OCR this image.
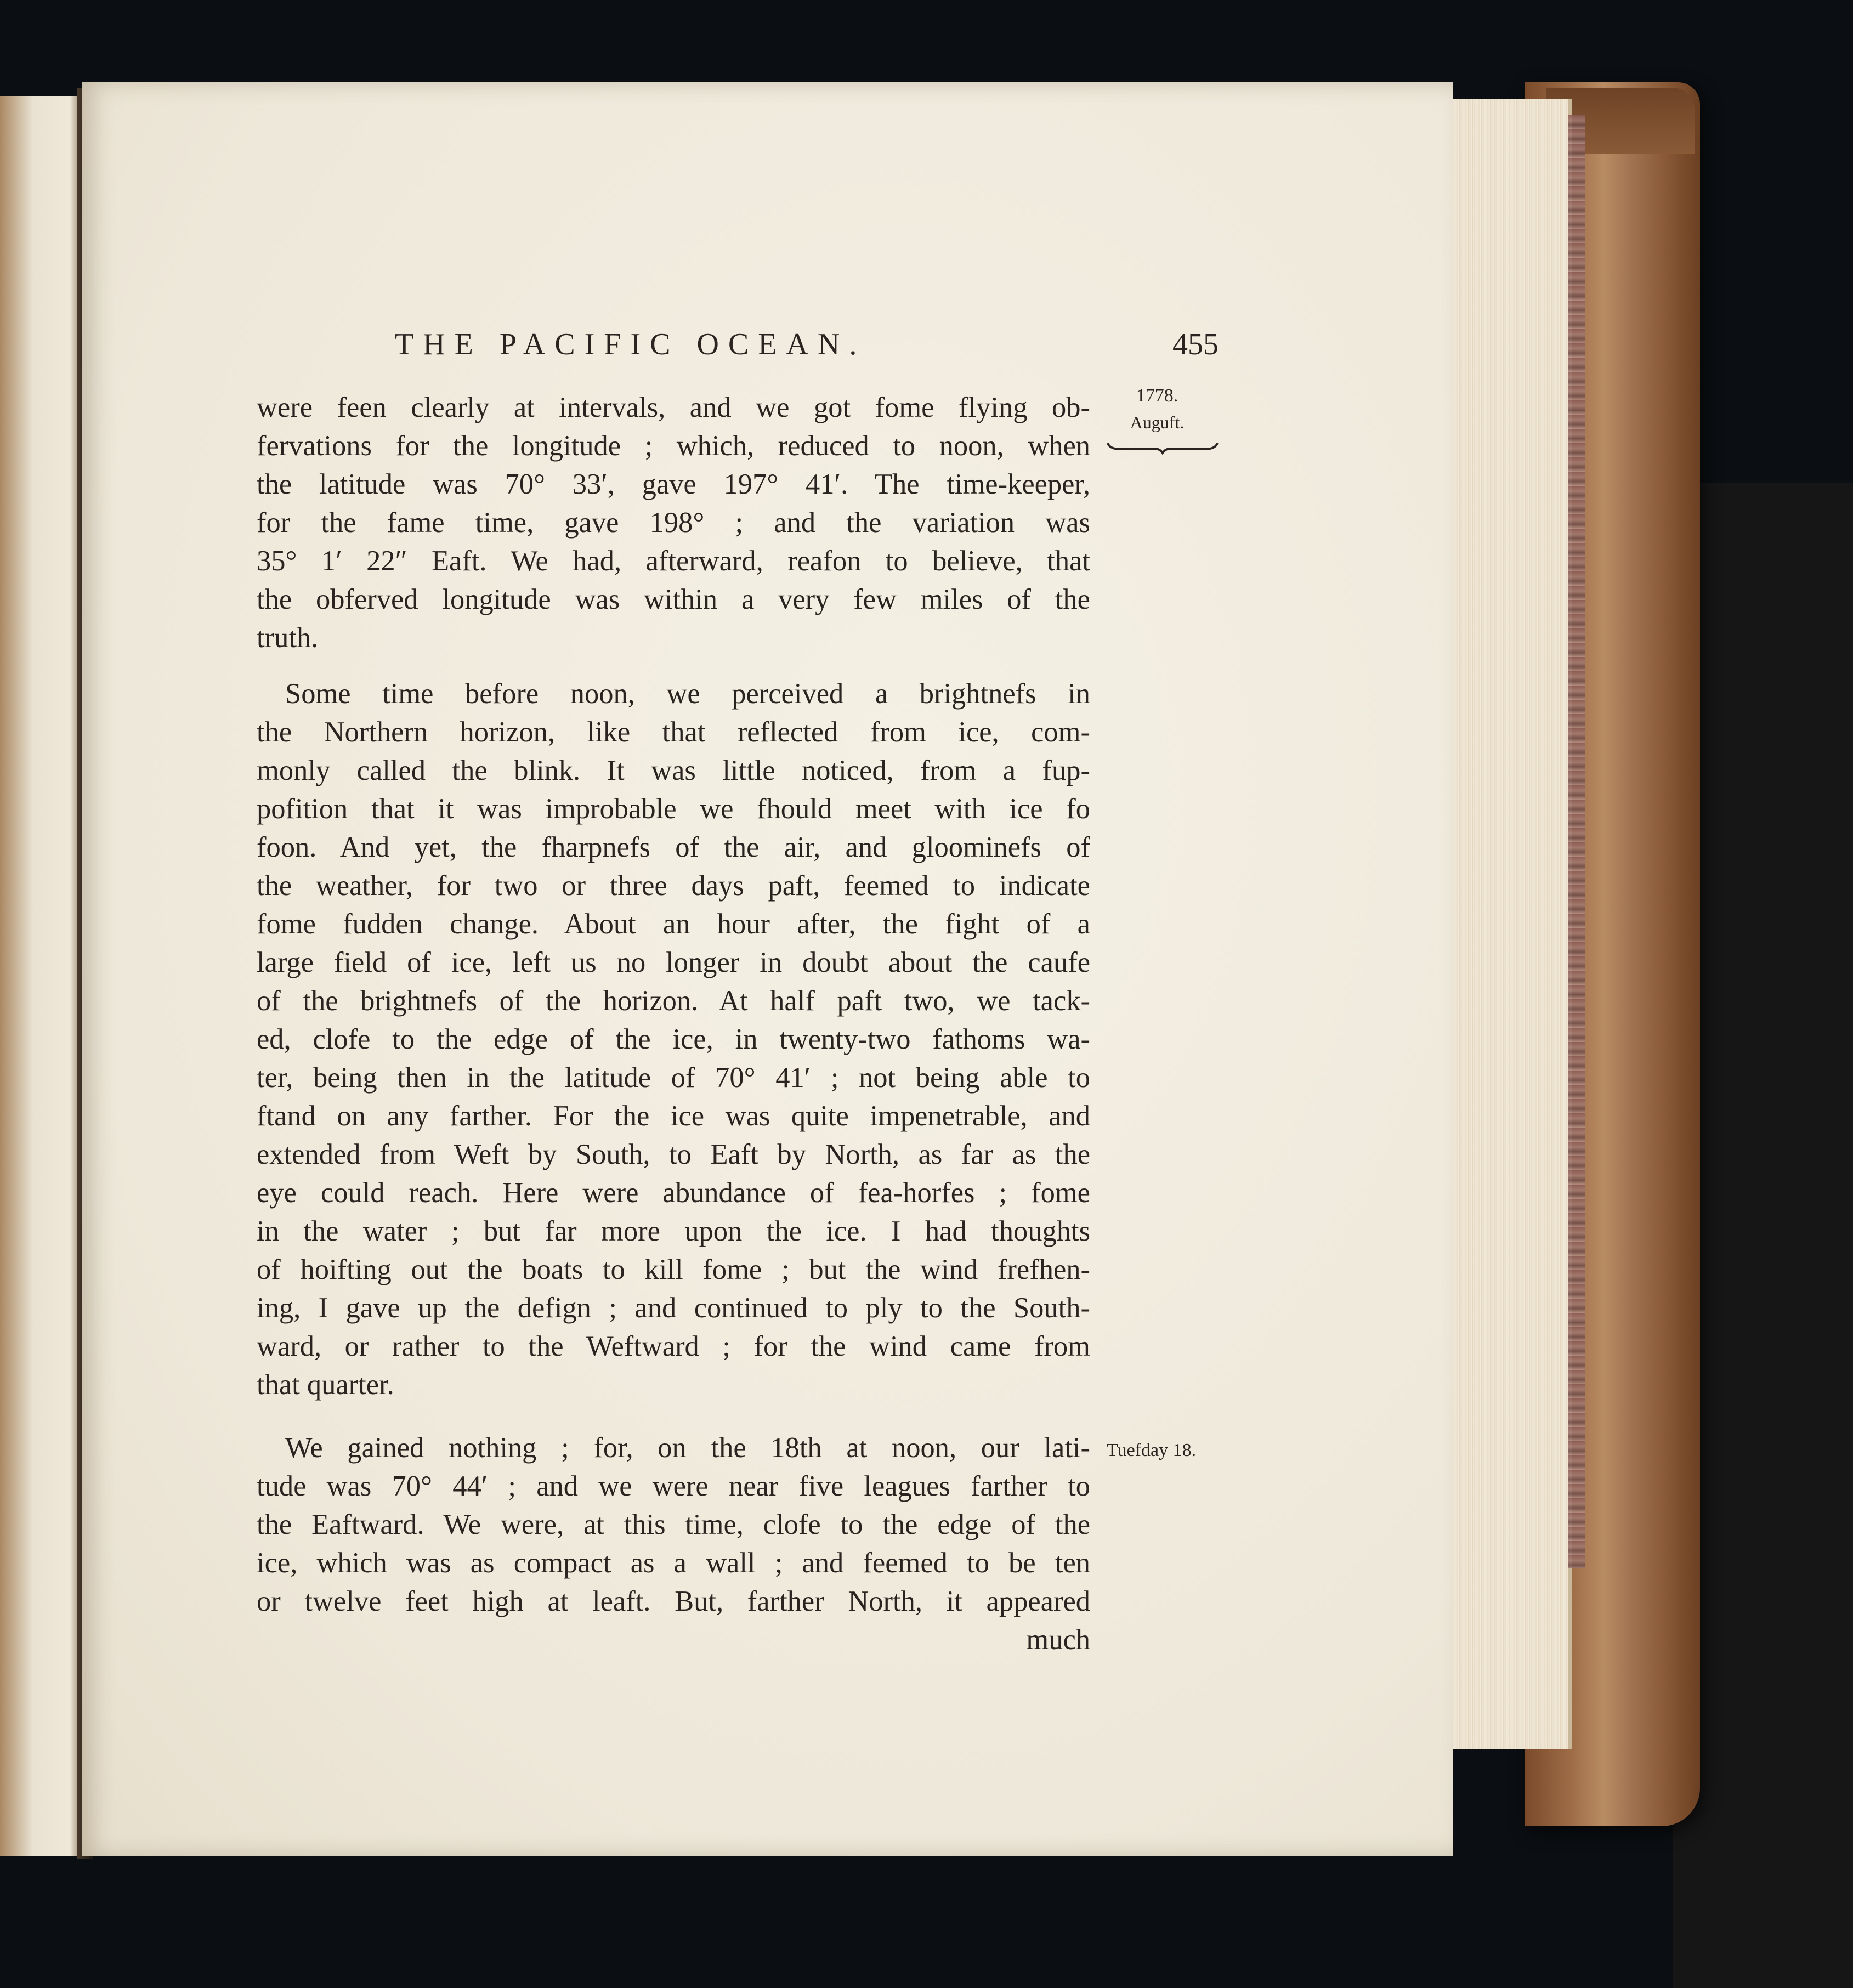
THE PACIFIC OCEAN.	455
1778.
Auguft.
Tuefday 18.
were feen clearly at intervals, and we got fome flying ob-
fervations for the longitude ; which, reduced to noon, when
the latitude was 70° 33′, gave 197° 41′. The time-keeper,
for the fame time, gave 198° ; and the variation was
35° 1′ 22″ Eaft. We had, afterward, reafon to believe, that
the obferved longitude was within a very few miles of the
truth.
Some time before noon, we perceived a brightnefs in
the Northern horizon, like that reflected from ice, com-
monly called the blink. It was little noticed, from a fup-
pofition that it was improbable we fhould meet with ice fo
foon. And yet, the fharpnefs of the air, and gloominefs of
the weather, for two or three days paft, feemed to indicate
fome fudden change. About an hour after, the fight of a
large field of ice, left us no longer in doubt about the caufe
of the brightnefs of the horizon. At half paft two, we tack-
ed, clofe to the edge of the ice, in twenty-two fathoms wa-
ter, being then in the latitude of 70° 41′ ; not being able to
ftand on any farther. For the ice was quite impenetrable, and
extended from Weft by South, to Eaft by North, as far as the
eye could reach. Here were abundance of fea-horfes ; fome
in the water ; but far more upon the ice. I had thoughts
of hoifting out the boats to kill fome ; but the wind frefhen-
ing, I gave up the defign ; and continued to ply to the South-
ward, or rather to the Weftward ; for the wind came from
that quarter.
We gained nothing ; for, on the 18th at noon, our lati-
tude was 70° 44′ ; and we were near five leagues farther to
the Eaftward. We were, at this time, clofe to the edge of the
ice, which was as compact as a wall ; and feemed to be ten
or twelve feet high at leaft. But, farther North, it appeared
much
